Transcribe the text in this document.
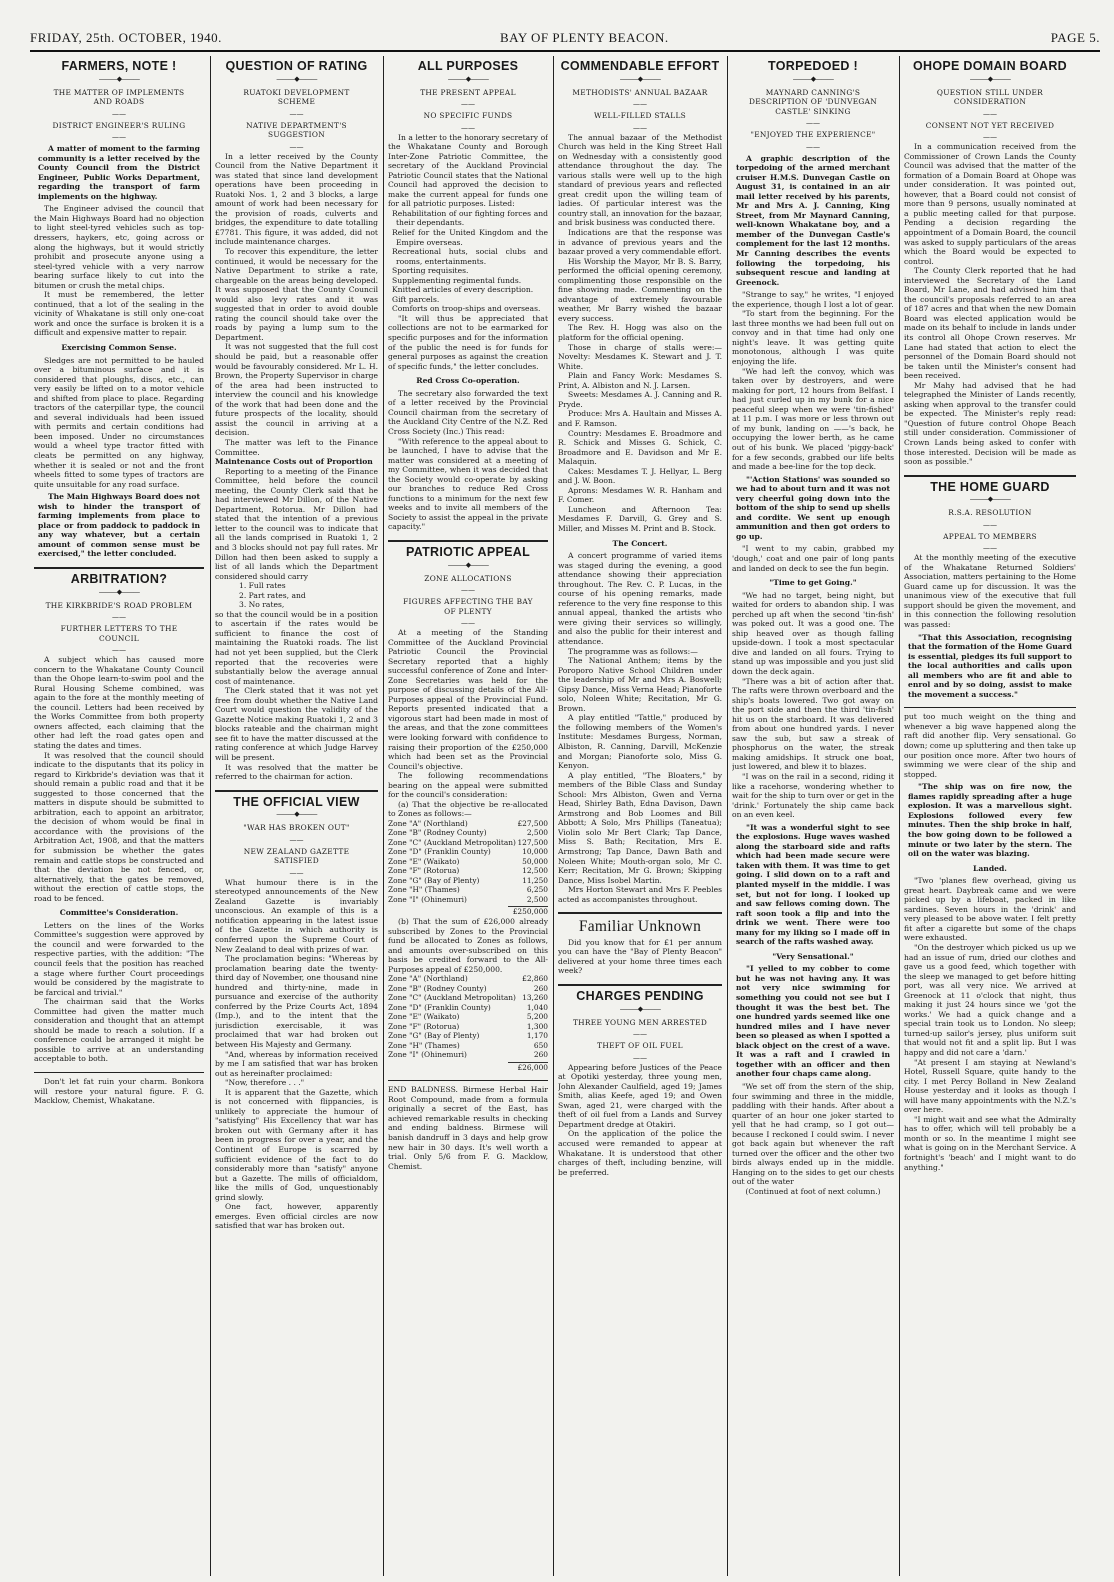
FRIDAY, 25th. OCTOBER, 1940.	BAY OF PLENTY BEACON.	PAGE 5.
FARMERS, NOTE !
———◆———
THE MATTER OF IMPLEMENTS AND ROADS
——
DISTRICT ENGINEER'S RULING
——

A matter of moment to the farming community is a letter received by the County Council from the District Engineer, Public Works Department, regarding the transport of farm implements on the highway.

The Engineer advised the council that the Main Highways Board had no objection to light steel-tyred vehicles such as top-dressers, haykers, etc, going across or along the highways, but it would strictly prohibit and prosecute anyone using a steel-tyred vehicle with a very narrow bearing surface likely to cut into the bitumen or crush the metal chips.

It must be remembered, the letter continued, that a lot of the sealing in the vicinity of Whakatane is still only one-coat work and once the surface is broken it is a difficult and expensive matter to repair.

Exercising Common Sense.

Sledges are not permitted to be hauled over a bituminous surface and it is considered that ploughs, discs, etc., can very easily be lifted on to a motor vehicle and shifted from place to place. Regarding tractors of the caterpillar type, the council and several individuals had been issued with permits and certain conditions had been imposed. Under no circumstances would a wheel type tractor fitted with cleats be permitted on any highway, whether it is sealed or not and the front wheels fitted to some types of tractors are quite unsuitable for any road surface.

The Main Highways Board does not wish to hinder the transport of farming implements from place to place or from paddock to paddock in any way whatever, but a certain amount of common sense must be exercised," the letter concluded.

ARBITRATION?
———◆———
THE KIRKBRIDE'S ROAD PROBLEM
——
FURTHER LETTERS TO THE COUNCIL
——

A subject which has caused more concern to the Whakatane County Council than the Ohope learn-to-swim pool and the Rural Housing Scheme combined, was again to the fore at the monthly meeting of the council. Letters had been received by the Works Committee from both property owners affected, each claiming that the other had left the road gates open and stating the dates and times.

It was resolved that the council should indicate to the disputants that its policy in regard to Kirkbride's deviation was that it should remain a public road and that it be suggested to those concerned that the matters in dispute should be submitted to arbitration, each to appoint an arbitrator, the decision of whom would be final in accordance with the provisions of the Arbitration Act, 1908, and that the matters for submission be whether the gates remain and cattle stops be constructed and that the deviation be not fenced, or, alternatively, that the gates be removed, without the erection of cattle stops, the road to be fenced.

Committee's Consideration.

Letters on the lines of the Works Committee's suggestion were approved by the council and were forwarded to the respective parties, with the addition: "The council feels that the position has reached a stage where further Court proceedings would be considered by the magistrate to be farcical and trivial."

The chairman said that the Works Committee had given the matter much consideration and thought that an attempt should be made to reach a solution. If a conference could be arranged it might be possible to arrive at an understanding acceptable to both.

Don't let fat ruin your charm. Bonkora will restore your natural figure. F. G. Macklow, Chemist, Whakatane.

QUESTION OF RATING
———◆———
RUATOKI DEVELOPMENT SCHEME
——
NATIVE DEPARTMENT'S SUGGESTION
——

In a letter received by the County Council from the Native Department it was stated that since land development operations have been proceeding in Ruatoki Nos. 1, 2 and 3 blocks, a large amount of work had been necessary for the provision of roads, culverts and bridges, the expenditure to date totalling £7781. This figure, it was added, did not include maintenance charges.

To recover this expenditure, the letter continued, it would be necessary for the Native Department to strike a rate, chargeable on the areas being developed. It was supposed that the County Council would also levy rates and it was suggested that in order to avoid double rating the council should take over the roads by paying a lump sum to the Department.

It was not suggested that the full cost should be paid, but a reasonable offer would be favourably considered. Mr L. H. Brown, the Property Supervisor in charge of the area had been instructed to interview the council and his knowledge of the work that had been done and the future prospects of the locality, should assist the council in arriving at a decision.

The matter was left to the Finance Committee.

Maintenance Costs out of Proportion

Reporting to a meeting of the Finance Committee, held before the council meeting, the County Clerk said that he had interviewed Mr Dillon, of the Native Department, Rotorua. Mr Dillon had stated that the intention of a previous letter to the council was to indicate that all the lands comprised in Ruatoki 1, 2 and 3 blocks should not pay full rates. Mr Dillon had then been asked to supply a list of all lands which the Department considered should carry

1. Full rates

2. Part rates, and

3. No rates,

so that the council would be in a position to ascertain if the rates would be sufficient to finance the cost of maintaining the Ruatoki roads. The list had not yet been supplied, but the Clerk reported that the recoveries were substantially below the average annual cost of maintenance.

The Clerk stated that it was not yet free from doubt whether the Native Land Court would question the validity of the Gazette Notice making Ruatoki 1, 2 and 3 blocks rateable and the chairman might see fit to have the matter discussed at the rating conference at which Judge Harvey will be present.

It was resolved that the matter be referred to the chairman for action.

THE OFFICIAL VIEW
———◆———
"WAR HAS BROKEN OUT"
——
NEW ZEALAND GAZETTE SATISFIED
——

What humour there is in the stereotyped announcements of the New Zealand Gazette is invariably unconscious. An example of this is a notification appearing in the latest issue of the Gazette in which authority is conferred upon the Supreme Court of New Zealand to deal with prizes of war.

The proclamation begins: "Whereas by proclamation bearing date the twenty-third day of November, one thousand nine hundred and thirty-nine, made in pursuance and exercise of the authority conferred by the Prize Courts Act, 1894 (Imp.), and to the intent that the jurisdiction exercisable, it was proclaimed that war had broken out between His Majesty and Germany.

"And, whereas by information received by me I am satisfied that war has broken out as hereinafter proclaimed:

"Now, therefore . . ."

It is apparent that the Gazette, which is not concerned with flippancies, is unlikely to appreciate the humour of "satisfying" His Excellency that war has broken out with Germany after it has been in progress for over a year, and the Continent of Europe is scarred by sufficient evidence of the fact to do considerably more than "satisfy" anyone but a Gazette. The mills of officialdom, like the mills of God, unquestionably grind slowly.

One fact, however, apparently emerges. Even official circles are now satisfied that war has broken out.

ALL PURPOSES
———◆———
THE PRESENT APPEAL
——
NO SPECIFIC FUNDS
——

In a letter to the honorary secretary of the Whakatane County and Borough Inter-Zone Patriotic Committee, the secretary of the Auckland Provincial Patriotic Council states that the National Council had approved the decision to make the current appeal for funds one for all patriotic purposes. Listed:

Rehabilitation of our fighting forces and their dependants.

Relief for the United Kingdom and the Empire overseas.

Recreational huts, social clubs and rooms, entertainments.

Sporting requisites.

Supplementing regimental funds.

Knitted articles of every description.

Gift parcels.

Comforts on troop-ships and overseas.

"It will thus be appreciated that collections are not to be earmarked for specific purposes and for the information of the public the need is for funds for general purposes as against the creation of specific funds," the letter concludes.

Red Cross Co-operation.

The secretary also forwarded the text of a letter received by the Provincial Council chairman from the secretary of the Auckland City Centre of the N.Z. Red Cross Society (Inc.) This read:

"With reference to the appeal about to be launched, I have to advise that the matter was considered at a meeting of my Committee, when it was decided that the Society would co-operate by asking our branches to reduce Red Cross functions to a minimum for the next few weeks and to invite all members of the Society to assist the appeal in the private capacity."

PATRIOTIC APPEAL
———◆———
ZONE ALLOCATIONS
——
FIGURES AFFECTING THE BAY OF PLENTY
——

At a meeting of the Standing Committee of the Auckland Provincial Patriotic Council the Provincial Secretary reported that a highly successful conference of Zone and Inter-Zone Secretaries was held for the purpose of discussing details of the All-Purposes appeal of the Provincial Fund. Reports presented indicated that a vigorous start had been made in most of the areas, and that the zone committees were looking forward with confidence to raising their proportion of the £250,000 which had been set as the Provincial Council's objective.

The following recommendations bearing on the appeal were submitted for the council's consideration:

(a) That the objective be re-allocated to Zones as follows:—

Zone "A" (Northland)	£27,500
Zone "B" (Rodney County)	2,500
Zone "C" (Auckland Metropolitan) 127,500
Zone "D" (Franklin County)	10,000
Zone "E" (Waikato)	50,000
Zone "F" (Rotorua)	12,500
Zone "G" (Bay of Plenty)	11,250
Zone "H" (Thames)	6,250
Zone "I" (Ohinemuri)	2,500
£250,000

(b) That the sum of £26,000 already subscribed by Zones to the Provincial fund be allocated to Zones as follows, and amounts over-subscribed on this basis be credited forward to the All-Purposes appeal of £250,000.

Zone "A" (Northland)	£2,860
Zone "B" (Rodney County)	260
Zone "C" (Auckland Metropolitan) 13,260
Zone "D" (Franklin County)	1,040
Zone "E" (Waikato)	5,200
Zone "F" (Rotorua)	1,300
Zone "G" (Bay of Plenty)	1,170
Zone "H" (Thames)	650
Zone "I" (Ohinemuri)	260
£26,000

END BALDNESS. Birmese Herbal Hair Root Compound, made from a formula originally a secret of the East, has achieved remarkable results in checking and ending baldness. Birmese will banish dandruff in 3 days and help grow new hair in 30 days. It's well worth a trial. Only 5/6 from F. G. Macklow, Chemist.

COMMENDABLE EFFORT
———◆———
METHODISTS' ANNUAL BAZAAR
——
WELL-FILLED STALLS
——

The annual bazaar of the Methodist Church was held in the King Street Hall on Wednesday with a consistently good attendance throughout the day. The various stalls were well up to the high standard of previous years and reflected great credit upon the willing team of ladies. Of particular interest was the country stall, an innovation for the bazaar, and brisk business was conducted there.

Indications are that the response was in advance of previous years and the bazaar proved a very commendable effort.

His Worship the Mayor, Mr B. S. Barry, performed the official opening ceremony, complimenting those responsible on the fine showing made. Commenting on the advantage of extremely favourable weather, Mr Barry wished the bazaar every success.

The Rev. H. Hogg was also on the platform for the official opening.

Those in charge of stalls were:— Novelty: Mesdames K. Stewart and J. T. White.

Plain and Fancy Work: Mesdames S. Print, A. Albiston and N. J. Larsen.

Sweets: Mesdames A. J. Canning and R. Pryde.

Produce: Mrs A. Haultain and Misses A. and F. Ramson.

Country: Mesdames E. Broadmore and R. Schick and Misses G. Schick, C. Broadmore and E. Davidson and Mr E. Malaquin.

Cakes: Mesdames T. J. Hellyar, L. Berg and J. W. Boon.

Aprons: Mesdames W. R. Hanham and F. Comer.

Luncheon and Afternoon Tea: Mesdames F. Darvill, G. Grey and S. Miller, and Misses M. Print and B. Stock.

The Concert.

A concert programme of varied items was staged during the evening, a good attendance showing their appreciation throughout. The Rev. C. P. Lucas, in the course of his opening remarks, made reference to the very fine response to this annual appeal, thanked the artists who were giving their services so willingly, and also the public for their interest and attendance.

The programme was as follows:—

The National Anthem; items by the Poroporo Native School Children under the leadership of Mr and Mrs A. Boswell; Gipsy Dance, Miss Verna Head; Pianoforte solo, Noleen White; Recitation, Mr G. Brown.

A play entitled "Tattle," produced by the following members of the Women's Institute: Mesdames Burgess, Norman, Albiston, R. Canning, Darvill, McKenzie and Morgan; Pianoforte solo, Miss G. Kenyon.

A play entitled, "The Bloaters," by members of the Bible Class and Sunday School: Mrs Albiston, Gwen and Verna Head, Shirley Bath, Edna Davison, Dawn Armstrong and Bob Loomes and Bill Abbott; A Solo, Mrs Phillips (Taneatua); Violin solo Mr Bert Clark; Tap Dance, Miss S. Bath; Recitation, Mrs E. Armstrong; Tap Dance, Dawn Bath and Noleen White; Mouth-organ solo, Mr C. Kerr; Recitation, Mr G. Brown; Skipping Dance, Miss Isobel Martin.

Mrs Horton Stewart and Mrs F. Peebles acted as accompanistes throughout.

Familiar Unknown

Did you know that for £1 per annum you can have the "Bay of Plenty Beacon" delivered at your home three times each week?

CHARGES PENDING
———◆———
THREE YOUNG MEN ARRESTED
——
THEFT OF OIL FUEL
——

Appearing before Justices of the Peace at Opotiki yesterday, three young men, John Alexander Caulfield, aged 19; James Smith, alias Keefe, aged 19; and Owen Swan, aged 21, were charged with the theft of oil fuel from a Lands and Survey Department dredge at Otakiri.

On the application of the police the accused were remanded to appear at Whakatane. It is understood that other charges of theft, including benzine, will be preferred.

TORPEDOED !
———◆———
MAYNARD CANNING'S DESCRIPTION OF 'DUNVEGAN CASTLE' SINKING
——
"ENJOYED THE EXPERIENCE"
——

A graphic description of the torpedoing of the armed merchant cruiser H.M.S. Dunvegan Castle on August 31, is contained in an air mail letter received by his parents, Mr and Mrs A. J. Canning, King Street, from Mr Maynard Canning, well-known Whakatane boy, and a member of the Dunvegan Castle's complement for the last 12 months. Mr Canning describes the events following the torpedoing, his subsequent rescue and landing at Greenock.

"Strange to say," he writes, "I enjoyed the experience, though I lost a lot of gear.

"To start from the beginning. For the last three months we had been full out on convoy and in that time had only one night's leave. It was getting quite monotonous, although I was quite enjoying the life.

"We had left the convoy, which was taken over by destroyers, and were making for port, 12 hours from Belfast. I had just curled up in my bunk for a nice peaceful sleep when we were 'tin-fished' at 11 p.m. I was more or less thrown out of my bunk, landing on ——'s back, he occupying the lower berth, as he came out of his bunk. We placed 'piggy-back' for a few seconds, grabbed our life belts and made a bee-line for the top deck.

"'Action Stations' was sounded so we had to about turn and it was not very cheerful going down into the bottom of the ship to send up shells and cordite. We sent up enough ammunition and then got orders to go up.

"I went to my cabin, grabbed my 'dough,' coat and one pair of long pants and landed on deck to see the fun begin.

"Time to get Going."

"We had no target, being night, but waited for orders to abandon ship. I was perched up aft when the second 'tin-fish' was poked out. It was a good one. The ship heaved over as though falling upside-down. I took a most spectacular dive and landed on all fours. Trying to stand up was impossible and you just slid down the deck again.

"There was a bit of action after that. The rafts were thrown overboard and the ship's boats lowered. Two got away on the port side and then the third 'tin-fish' hit us on the starboard. It was delivered from about one hundred yards. I never saw the sub, but saw a streak of phosphorus on the water, the streak making amidships. It struck one boat, just lowered, and blew it to blazes.

"I was on the rail in a second, riding it like a racehorse, wondering whether to wait for the ship to turn over or get in the 'drink.' Fortunately the ship came back on an even keel.

"It was a wonderful sight to see the explosions. Huge waves washed along the starboard side and rafts which had been made secure were taken with them. It was time to get going. I slid down on to a raft and planted myself in the middle. I was set, but not for long. I looked up and saw fellows coming down. The raft soon took a flip and into the drink we went. There were too many for my liking so I made off in search of the rafts washed away.

"Very Sensational."

"I yelled to my cobber to come but he was not having any. It was not very nice swimming for something you could not see but I thought it was the best bet. The one hundred yards seemed like one hundred miles and I have never been so pleased as when I spotted a black object on the crest of a wave. It was a raft and I crawled in together with an officer and then another four chaps came along.

"We set off from the stern of the ship, four swimming and three in the middle, paddling with their hands. After about a quarter of an hour one joker started to yell that he had cramp, so I got out—because I reckoned I could swim. I never got back again but whenever the raft turned over the officer and the other two birds always ended up in the middle. Hanging on to the sides to get our chests out of the water

(Continued at foot of next column.)

OHOPE DOMAIN BOARD
———◆———
QUESTION STILL UNDER CONSIDERATION
——
CONSENT NOT YET RECEIVED
——

In a communication received from the Commissioner of Crown Lands the County Council was advised that the matter of the formation of a Domain Board at Ohope was under consideration. It was pointed out, however, that a Board could not consist of more than 9 persons, usually nominated at a public meeting called for that purpose. Pending a decision regarding the appointment of a Domain Board, the council was asked to supply particulars of the areas which the Board would be expected to control.

The County Clerk reported that he had interviewed the Secretary of the Land Board, Mr Lane, and had advised him that the council's proposals referred to an area of 187 acres and that when the new Domain Board was elected application would be made on its behalf to include in lands under its control all Ohope Crown reserves. Mr Lane had stated that action to elect the personnel of the Domain Board should not be taken until the Minister's consent had been received.

Mr Mahy had advised that he had telegraphed the Minister of Lands recently, asking when approval to the transfer could be expected. The Minister's reply read: "Question of future control Ohope Beach still under consideration. Commissioner of Crown Lands being asked to confer with those interested. Decision will be made as soon as possible."

THE HOME GUARD
———◆———
R.S.A. RESOLUTION
——
APPEAL TO MEMBERS
——

At the monthly meeting of the executive of the Whakatane Returned Soldiers' Association, matters pertaining to the Home Guard came up for discussion. It was the unanimous view of the executive that full support should be given the movement, and in this connection the following resolution was passed:

"That this Association, recognising that the formation of the Home Guard is essential, pledges its full support to the local authorities and calls upon all members who are fit and able to enrol and by so doing, assist to make the movement a success."

put too much weight on the thing and whenever a big wave happened along the raft did another flip. Very sensational. Go down; come up spluttering and then take up our position once more. After two hours of swimming we were clear of the ship and stopped.

"The ship was on fire now, the flames rapidly spreading after a huge explosion. It was a marvellous sight. Explosions followed every few minutes. Then the ship broke in half, the bow going down to be followed a minute or two later by the stern. The oil on the water was blazing.

Landed.

"Two 'planes flew overhead, giving us great heart. Daybreak came and we were picked up by a lifeboat, packed in like sardines. Seven hours in the 'drink' and very pleased to be above water. I felt pretty fit after a cigarette but some of the chaps were exhausted.

"On the destroyer which picked us up we had an issue of rum, dried our clothes and gave us a good feed, which together with the sleep we managed to get before hitting port, was all very nice. We arrived at Greenock at 11 o'clock that night, thus making it just 24 hours since we 'got the works.' We had a quick change and a special train took us to London. No sleep; turned-up sailor's jersey, plus uniform suit that would not fit and a split lip. But I was happy and did not care a 'darn.'

"At present I am staying at Newland's Hotel, Russell Square, quite handy to the city. I met Percy Bolland in New Zealand House yesterday and it looks as though I will have many appointments with the N.Z.'s over here.

"I might wait and see what the Admiralty has to offer, which will tell probably be a month or so. In the meantime I might see what is going on in the Merchant Service. A fortnight's 'beach' and I might want to do anything."
